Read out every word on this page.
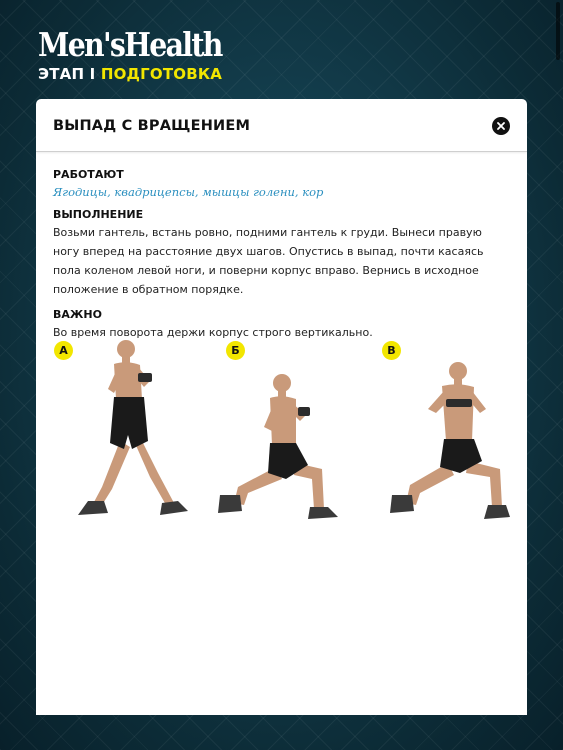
Men'sHealth
ЭТАП I ПОДГОТОВКА
ВЫПАД С ВРАЩЕНИЕМ
РАБОТАЮТ
Ягодицы, квадрицепсы, мышцы голени, кор
ВЫПОЛНЕНИЕ
Возьми гантель, встань ровно, подними гантель к груди. Вынеси правую ногу вперед на расстояние двух шагов. Опустись в выпад, почти касаясь пола коленом левой ноги, и поверни корпус вправо. Вернись в исходное положение в обратном порядке.
ВАЖНО
Во время поворота держи корпус строго вертикально.
А	Б	В
